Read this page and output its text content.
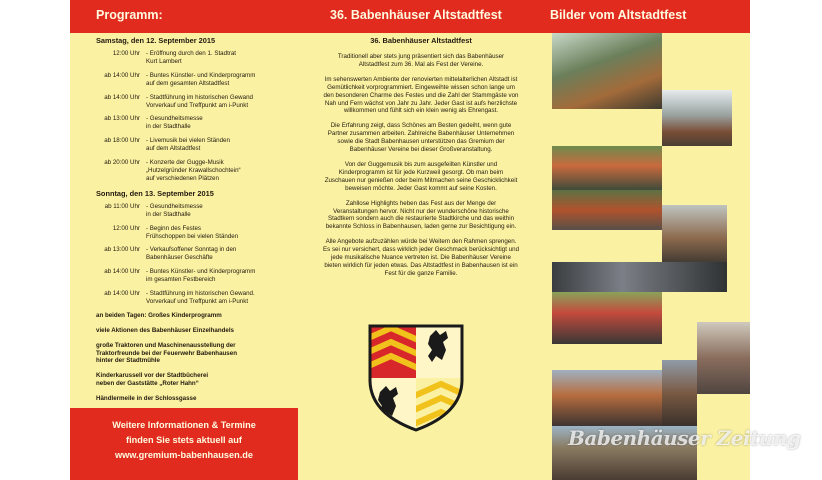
Programm:	36. Babenhäuser Altstadtfest	Bilder vom Altstadtfest
Samstag, den 12. September 2015
12:00 Uhr - Eröffnung durch den 1. Stadtrat
Kurt Lambert
ab 14:00 Uhr - Buntes Künstler- und Kinderprogramm
auf dem gesamten Altstadtfest
ab 14:00 Uhr - Stadtführung im historischen Gewand
Vorverkauf und Treffpunkt am i-Punkt
ab 13:00 Uhr - Gesundheitsmesse
in der Stadthalle
ab 18:00 Uhr - Livemusik bei vielen Ständen
auf dem Altstadtfest
ab 20:00 Uhr - Konzerte der Gugge-Musik
„Hutzelgründer Krawallschochtein“
auf verschiedenen Plätzen
Sonntag, den 13. September 2015
ab 11:00 Uhr - Gesundheitsmesse
in der Stadthalle
12:00 Uhr - Beginn des Festes
Frühschoppen bei vielen Ständen
ab 13:00 Uhr - Verkaufsoffener Sonntag in den
Babenhäuser Geschäfte
ab 14:00 Uhr - Buntes Künstler- und Kinderprogramm
im gesamten Festbereich
ab 14:00 Uhr - Stadtführung im historischen Gewand.
Vorverkauf und Treffpunkt am i-Punkt
an beiden Tagen: Großes Kinderprogramm
viele Aktionen des Babenhäuser Einzelhandels
große Traktoren und Maschinenausstellung der
Traktorfreunde bei der Feuerwehr Babenhausen
hinter der Stadtmühle
Kinderkarussell vor der Stadtbücherei
neben der Gaststätte „Roter Hahn“
Händlermeile in der Schlossgasse
Weitere Informationen & Termine
finden Sie stets aktuell auf
www.gremium-babenhausen.de
36. Babenhäuser Altstadtfest
Traditionell aber stets jung präsentiert sich das Babenhäuser Altstadtfest zum 36. Mal als Fest der Vereine.
Im sehenswerten Ambiente der renovierten mittelalterlichen Altstadt ist Gemütlichkeit vorprogrammiert. Eingeweihte wissen schon lange um den besonderen Charme des Festes und die Zahl der Stammgäste von Nah und Fern wächst von Jahr zu Jahr. Jeder Gast ist aufs herzlichste willkommen und fühlt sich ein klein wenig als Ehrengast.
Die Erfahrung zeigt, dass Schönes am Besten gedeiht, wenn gute Partner zusammen arbeiten. Zahlreiche Babenhäuser Unternehmen sowie die Stadt Babenhausen unterstützen das Gremium der Babenhäuser Vereine bei dieser Großveranstaltung.
Von der Guggemusik bis zum ausgefeilten Künstler und Kinderprogramm ist für jede Kurzweil gesorgt. Ob man beim Zuschauen nur genießen oder beim Mitmachen seine Geschicklichkeit beweisen möchte. Jeder Gast kommt auf seine Kosten.
Zahllose Highlights heben das Fest aus der Menge der Veranstaltungen hervor. Nicht nur der wunderschöne historische Stadtkern sondern auch die restaurierte Stadtkirche und das weithin bekannte Schloss in Babenhausen, laden gerne zur Besichtigung ein.
Alle Angebote aufzuzählen würde bei Weitem den Rahmen sprengen. Es sei nur versichert, dass wirklich jeder Geschmack berücksichtigt und jede musikalische Nuance vertreten ist. Die Babenhäuser Vereine bieten wirklich für jeden etwas. Das Altstadtfest in Babenhausen ist ein Fest für die ganze Familie.
Babenhäuser Zeitung
